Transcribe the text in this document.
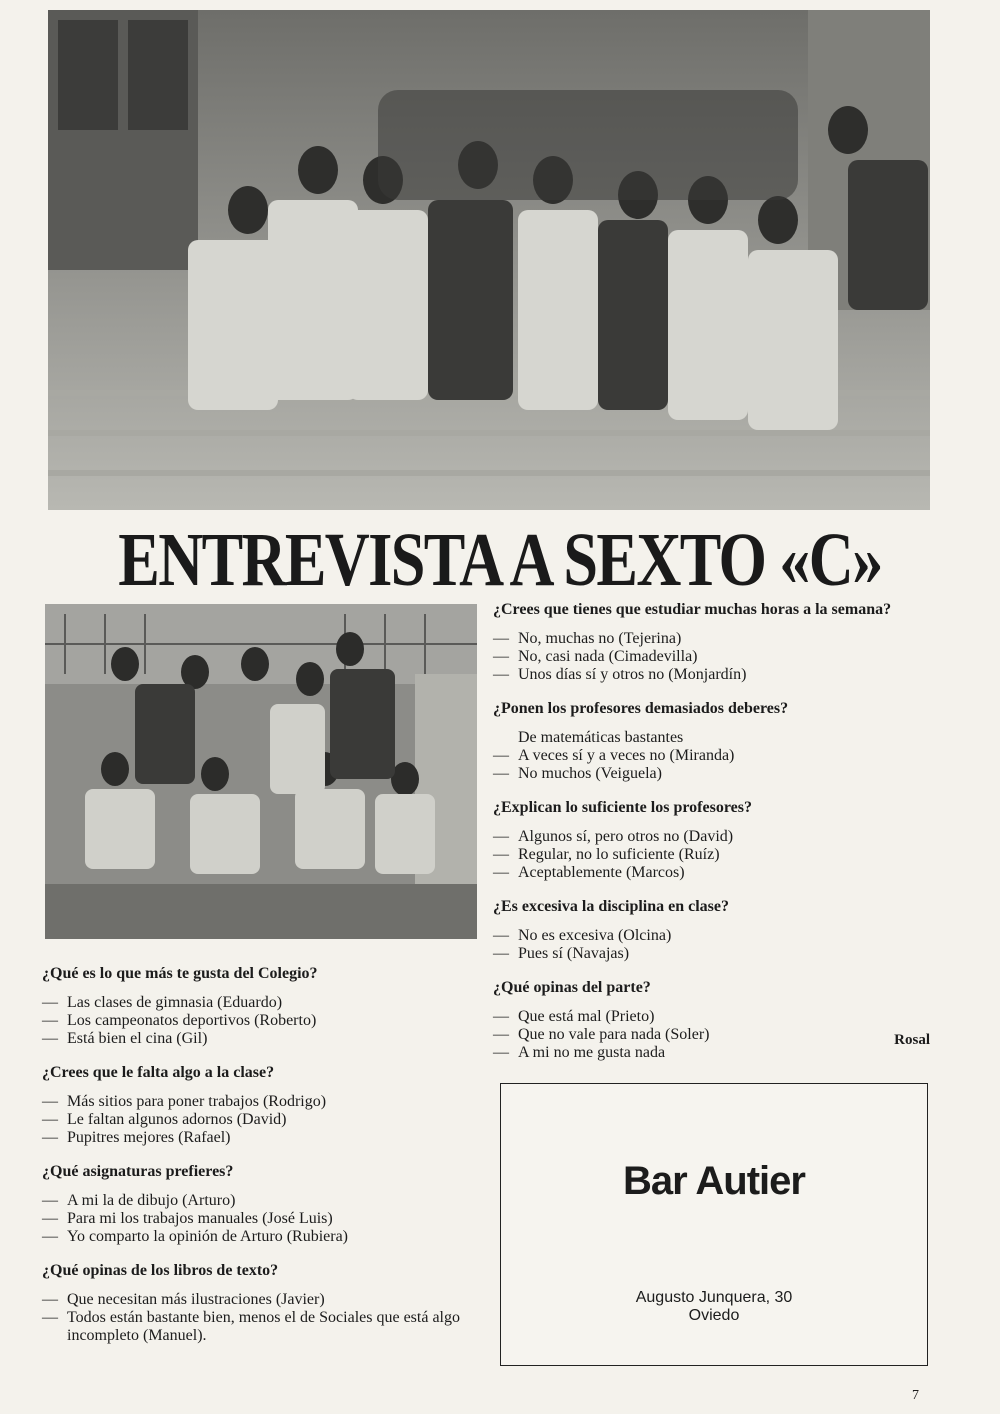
ENTREVISTA A SEXTO «C»

¿Qué es lo que más te gusta del Colegio?

— Las clases de gimnasia (Eduardo)
— Los campeonatos deportivos (Roberto)
— Está bien el cina (Gil)

¿Crees que le falta algo a la clase?

— Más sitios para poner trabajos (Rodrigo)
— Le faltan algunos adornos (David)
— Pupitres mejores (Rafael)

¿Qué asignaturas prefieres?

— A mi la de dibujo (Arturo)
— Para mi los trabajos manuales (José Luis)
— Yo comparto la opinión de Arturo (Rubiera)

¿Qué opinas de los libros de texto?

— Que necesitan más ilustraciones (Javier)
— Todos están bastante bien, menos el de Sociales que está algo incompleto (Manuel).

¿Crees que tienes que estudiar muchas horas a la semana?

— No, muchas no (Tejerina)
— No, casi nada (Cimadevilla)
— Unos días sí y otros no (Monjardín)

¿Ponen los profesores demasiados deberes?

De matemáticas bastantes
— A veces sí y a veces no (Miranda)
— No muchos (Veiguela)

¿Explican lo suficiente los profesores?

— Algunos sí, pero otros no (David)
— Regular, no lo suficiente (Ruíz)
— Aceptablemente (Marcos)

¿Es excesiva la disciplina en clase?

— No es excesiva (Olcina)
— Pues sí (Navajas)

¿Qué opinas del parte?

— Que está mal (Prieto)
— Que no vale para nada (Soler)
— A mi no me gusta nada
Rosal
Bar Autier
Augusto Junquera, 30
Oviedo
7
